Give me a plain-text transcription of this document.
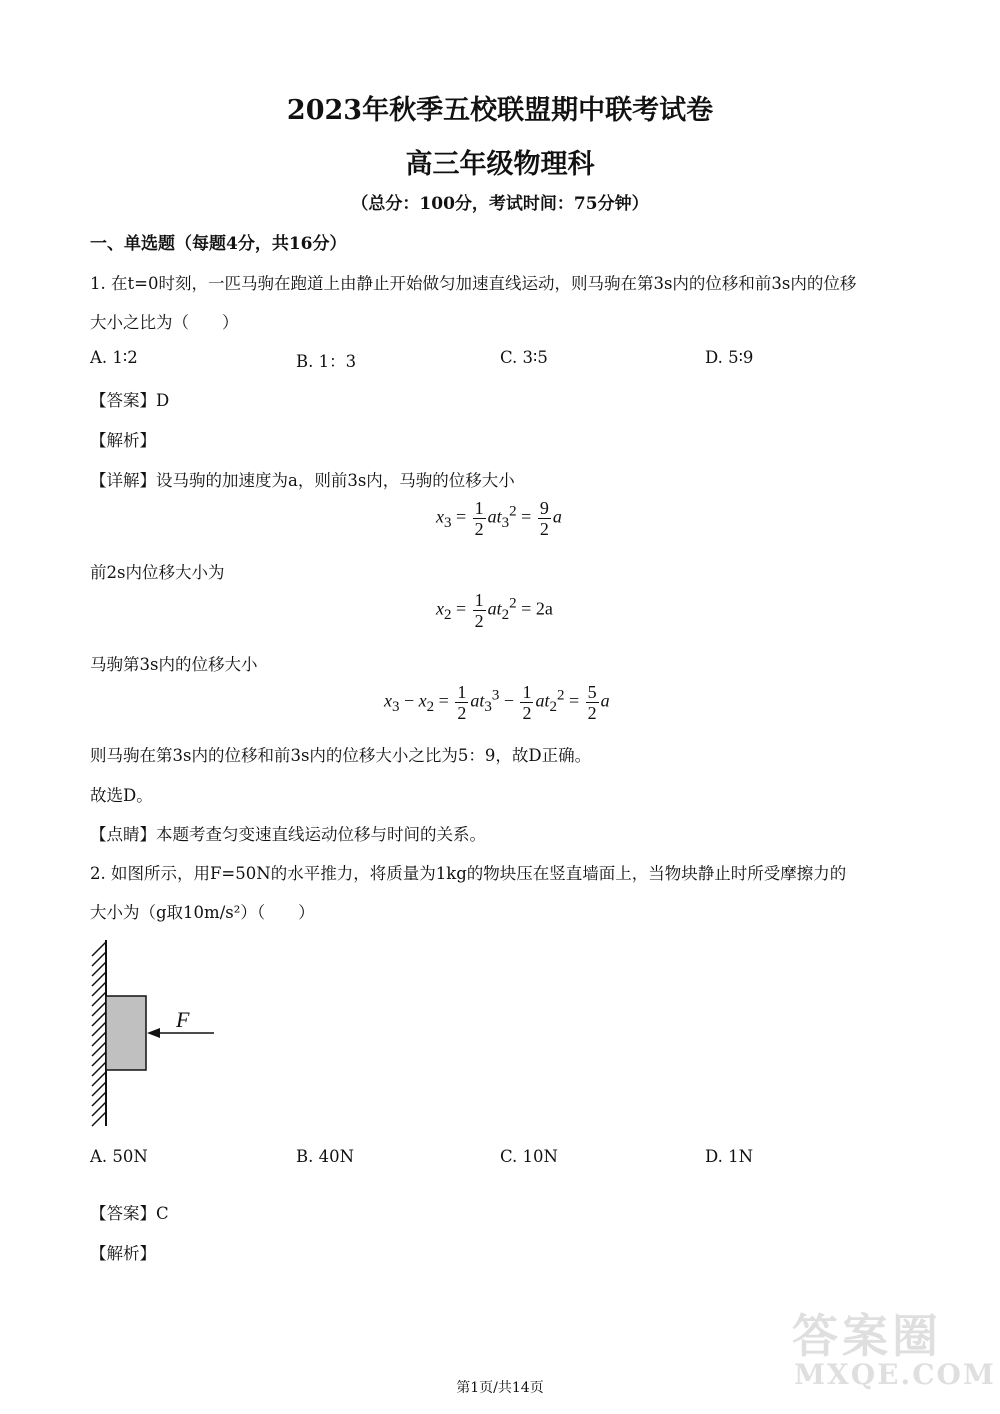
2023年秋季五校联盟期中联考试卷
高三年级物理科
（总分：100分，考试时间：75分钟）
一、单选题（每题4分，共16分）
1. 在t=0时刻，一匹马驹在跑道上由静止开始做匀加速直线运动，则马驹在第3s内的位移和前3s内的位移
大小之比为（　　）
A. 1∶2	B. 1：3	C. 3∶5	D. 5∶9
【答案】D
【解析】
【详解】设马驹的加速度为a，则前3s内，马驹的位移大小
$x_3 = \frac{1}{2} at_3^2 = \frac{9}{2}$ a
前2s内位移大小为
$x_2 = \frac{1}{2} at_2^2 = 2a$
马驹第3s内的位移大小
$x_3 - x_2 = \frac{1}{2} at_3^3 - \frac{1}{2} at_2^2 = \frac{5}{2}$ a
则马驹在第3s内的位移和前3s内的位移大小之比为5：9，故D正确。
故选D。
【点睛】本题考查匀变速直线运动位移与时间的关系。
2. 如图所示，用F=50N的水平推力，将质量为1kg的物块压在竖直墙面上，当物块静止时所受摩擦力的
大小为（g取10m/s²）（　　）
F
A. 50N	B. 40N	C. 10N	D. 1N
【答案】C
【解析】
答案圈
MXQE.COM
第1页/共14页
